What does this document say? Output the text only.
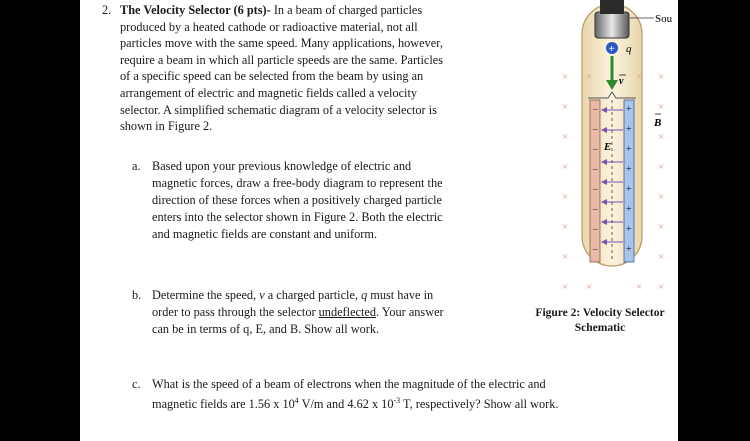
2. The Velocity Selector (6 pts)- In a beam of charged particles
produced by a heated cathode or radioactive material, not all
particles move with the same speed. Many applications, however,
require a beam in which all particle speeds are the same. Particles
of a specific speed can be selected from the beam by using an
arrangement of electric and magnetic fields called a velocity
selector. A simplified schematic diagram of a velocity selector is
shown in Figure 2.
a. Based upon your previous knowledge of electric and
magnetic forces, draw a free-body diagram to represent the
direction of these forces when a positively charged particle
enters into the selector shown in Figure 2. Both the electric
and magnetic fields are constant and uniform.
b. Determine the speed, v a charged particle, q must have in
order to pass through the selector undeflected. Your answer
can be in terms of q, E, and B. Show all work.
c. What is the speed of a beam of electrons when the magnitude of the electric and
magnetic fields are 1.56 x $10^4$ V/m and 4.62 x $10^{-3}$ T, respectively? Show all work.
Figure 2: Velocity Selector
Schematic
Sou
+ q
v
–
–
–
–
–
–
–
–
+
+
+
+
+
+
+
+
E
B
× ×	× ×
×	×
×	×
×	×
×	×
×	×
×	×
× ×	× ×
